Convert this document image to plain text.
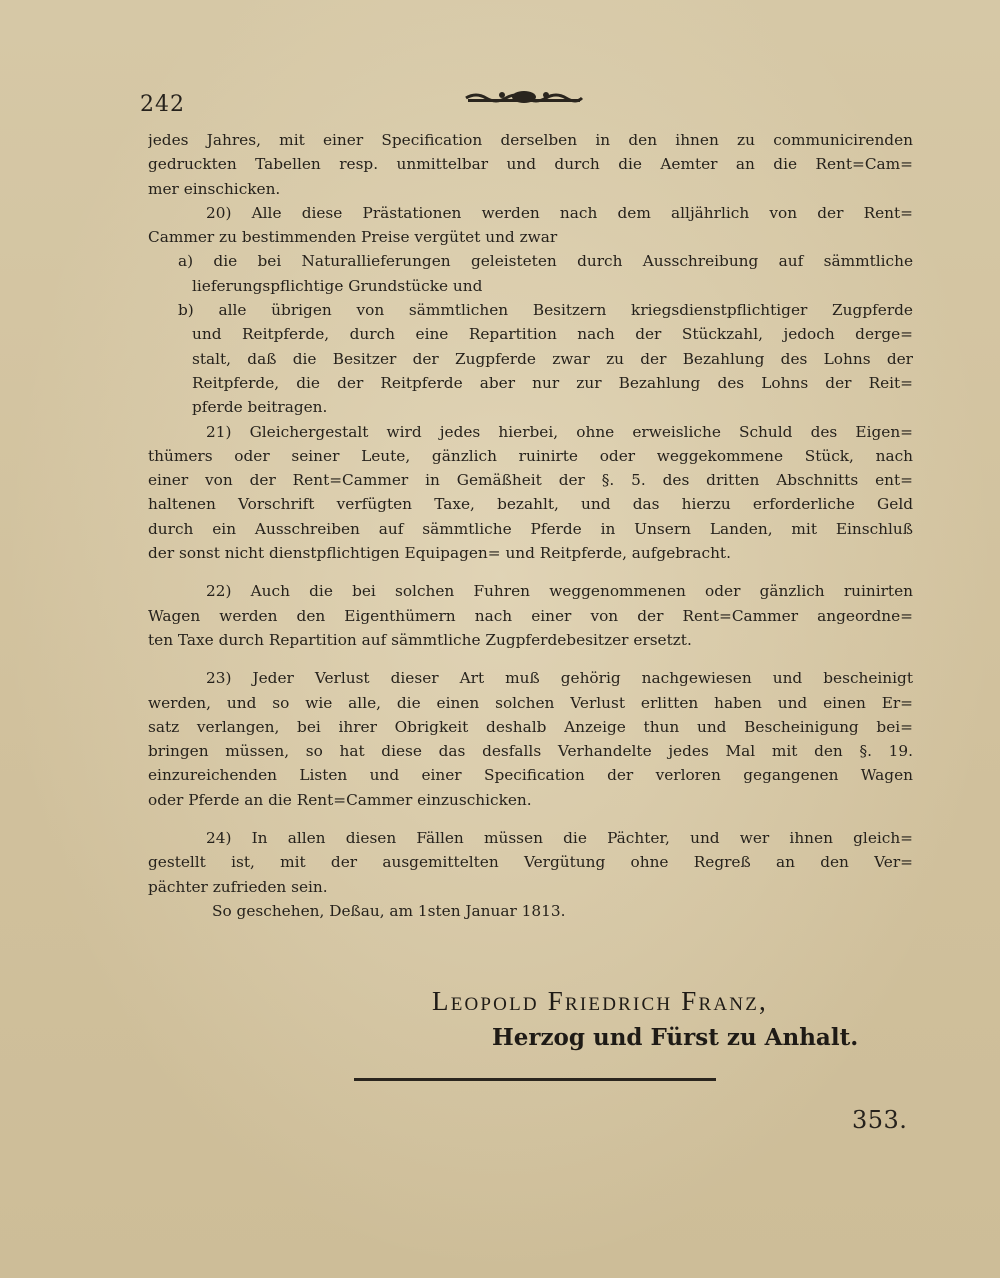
242
jedes Jahres, mit einer Specification derselben in den ihnen zu communicirenden
gedruckten Tabellen resp. unmittelbar und durch die Aemter an die Rent=Cam=
mer einschicken.
20) Alle diese Prästationen werden nach dem alljährlich von der Rent=
Cammer zu bestimmenden Preise vergütet und zwar
a) die bei Naturallieferungen geleisteten durch Ausschreibung auf sämmtliche
lieferungspflichtige Grundstücke und
b) alle übrigen von sämmtlichen Besitzern kriegsdienstpflichtiger Zugpferde
und Reitpferde, durch eine Repartition nach der Stückzahl, jedoch derge=
stalt, daß die Besitzer der Zugpferde zwar zu der Bezahlung des Lohns der
Reitpferde, die der Reitpferde aber nur zur Bezahlung des Lohns der Reit=
pferde beitragen.
21) Gleichergestalt wird jedes hierbei, ohne erweisliche Schuld des Eigen=
thümers oder seiner Leute, gänzlich ruinirte oder weggekommene Stück, nach
einer von der Rent=Cammer in Gemäßheit der §. 5. des dritten Abschnitts ent=
haltenen Vorschrift verfügten Taxe, bezahlt, und das hierzu erforderliche Geld
durch ein Ausschreiben auf sämmtliche Pferde in Unsern Landen, mit Einschluß
der sonst nicht dienstpflichtigen Equipagen= und Reitpferde, aufgebracht.
22) Auch die bei solchen Fuhren weggenommenen oder gänzlich ruinirten
Wagen werden den Eigenthümern nach einer von der Rent=Cammer angeordne=
ten Taxe durch Repartition auf sämmtliche Zugpferdebesitzer ersetzt.
23) Jeder Verlust dieser Art muß gehörig nachgewiesen und bescheinigt
werden, und so wie alle, die einen solchen Verlust erlitten haben und einen Er=
satz verlangen, bei ihrer Obrigkeit deshalb Anzeige thun und Bescheinigung bei=
bringen müssen, so hat diese das desfalls Verhandelte jedes Mal mit den §. 19.
einzureichenden Listen und einer Specification der verloren gegangenen Wagen
oder Pferde an die Rent=Cammer einzuschicken.
24) In allen diesen Fällen müssen die Pächter, und wer ihnen gleich=
gestellt ist, mit der ausgemittelten Vergütung ohne Regreß an den Ver=
pächter zufrieden sein.
So geschehen, Deßau, am 1sten Januar 1813.
Leopold Friedrich Franz,
Herzog und Fürst zu Anhalt.
353.
